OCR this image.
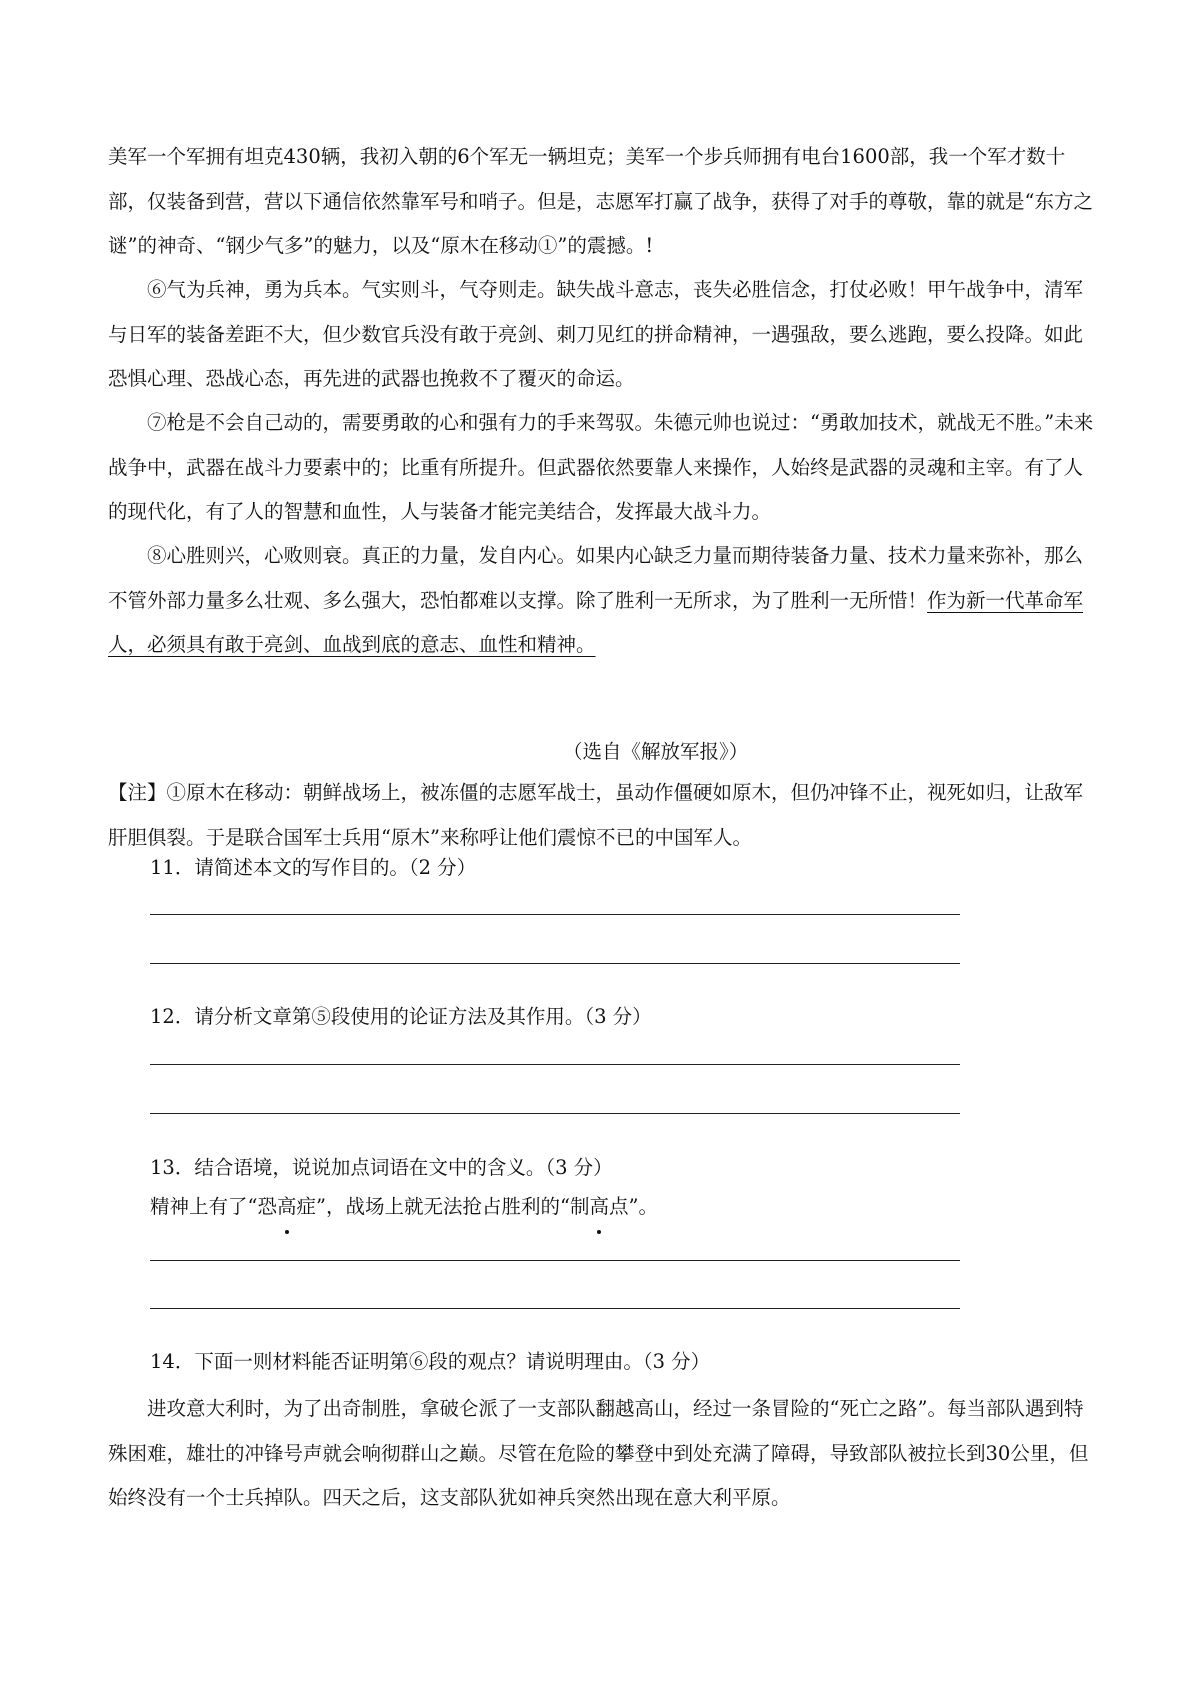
美军一个军拥有坦克430辆，我初入朝的6个军无一辆坦克；美军一个步兵师拥有电台1600部，我一个军才数十部，仅装备到营，营以下通信依然靠军号和哨子。但是，志愿军打赢了战争，获得了对手的尊敬，靠的就是“东方之谜”的神奇、“钢少气多”的魅力，以及“原木在移动①”的震撼。!

⑥气为兵神，勇为兵本。气实则斗，气夺则走。缺失战斗意志，丧失必胜信念，打仗必败！甲午战争中，清军与日军的装备差距不大，但少数官兵没有敢于亮剑、刺刀见红的拼命精神，一遇强敌，要么逃跑，要么投降。如此恐惧心理、恐战心态，再先进的武器也挽救不了覆灭的命运。

⑦枪是不会自己动的，需要勇敢的心和强有力的手来驾驭。朱德元帅也说过：“勇敢加技术，就战无不胜。”未来战争中，武器在战斗力要素中的；比重有所提升。但武器依然要靠人来操作，人始终是武器的灵魂和主宰。有了人的现代化，有了人的智慧和血性，人与装备才能完美结合，发挥最大战斗力。

⑧心胜则兴，心败则衰。真正的力量，发自内心。如果内心缺乏力量而期待装备力量、技术力量来弥补，那么不管外部力量多么壮观、多么强大，恐怕都难以支撑。除了胜利一无所求，为了胜利一无所惜！作为新一代革命军人，必须具有敢于亮剑、血战到底的意志、血性和精神。

（选自《解放军报》）

【注】①原木在移动：朝鲜战场上，被冻僵的志愿军战士，虽动作僵硬如原木，但仍冲锋不止，视死如归，让敌军肝胆俱裂。于是联合国军士兵用“原木”来称呼让他们震惊不已的中国军人。

11．请简述本文的写作目的。（2 分）
12．请分析文章第⑤段使用的论证方法及其作用。（3 分）
13．结合语境，说说加点词语在文中的含义。（3 分）
精神上有了“恐高症”，战场上就无法抢占胜利的“制高点”。
14．下面一则材料能否证明第⑥段的观点？请说明理由。（3 分）

进攻意大利时，为了出奇制胜，拿破仑派了一支部队翻越高山，经过一条冒险的“死亡之路”。每当部队遇到特殊困难，雄壮的冲锋号声就会响彻群山之巅。尽管在危险的攀登中到处充满了障碍，导致部队被拉长到30公里，但始终没有一个士兵掉队。四天之后，这支部队犹如神兵突然出现在意大利平原。
